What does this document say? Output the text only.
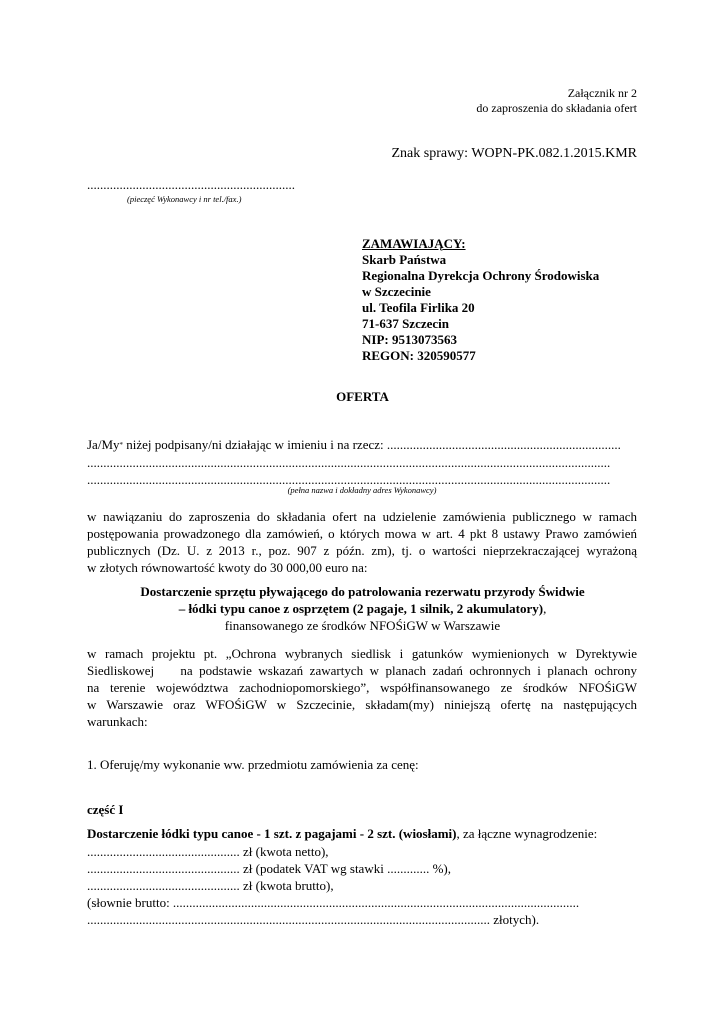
Załącznik nr 2
do zaproszenia do składania ofert
Znak sprawy: WOPN-PK.082.1.2015.KMR
................................................................
(pieczęć Wykonawcy i nr tel./fax.)
ZAMAWIAJĄCY:
Skarb Państwa
Regionalna Dyrekcja Ochrony Środowiska
w Szczecinie
ul. Teofila Firlika 20
71-637 Szczecin
NIP: 9513073563
REGON: 320590577
OFERTA
Ja/My* niżej podpisany/ni działając w imieniu i na rzecz: ........................................................................
.................................................................................................................................................................
.................................................................................................................................................................
(pełna nazwa i dokładny adres Wykonawcy)
w nawiązaniu do zaproszenia do składania ofert na udzielenie zamówienia publicznego w ramach
postępowania prowadzonego dla zamówień, o których mowa w art. 4 pkt 8 ustawy Prawo zamówień
publicznych (Dz. U. z 2013 r., poz. 907 z późn. zm), tj. o wartości nieprzekraczającej wyrażoną
w złotych równowartość kwoty do 30 000,00 euro na:
Dostarczenie sprzętu pływającego do patrolowania rezerwatu przyrody Świdwie
– łódki typu canoe z osprzętem (2 pagaje, 1 silnik, 2 akumulatory),
finansowanego ze środków NFOŚiGW w Warszawie
w ramach projektu pt. „Ochrona wybranych siedlisk i gatunków wymienionych w Dyrektywie
Siedliskowej    na podstawie wskazań zawartych w planach zadań ochronnych i planach ochrony
na terenie województwa zachodniopomorskiego”, współfinansowanego ze środków NFOŚiGW
w Warszawie oraz WFOŚiGW w Szczecinie, składam(my) niniejszą ofertę na następujących
warunkach:
1. Oferuję/my wykonanie ww. przedmiotu zamówienia za cenę:
część I
Dostarczenie łódki typu canoe - 1 szt. z pagajami - 2 szt. (wiosłami), za łączne wynagrodzenie:
............................................... zł (kwota netto),
............................................... zł (podatek VAT wg stawki ............. %),
............................................... zł (kwota brutto),
(słownie brutto: .............................................................................................................................
............................................................................................................................ złotych).
